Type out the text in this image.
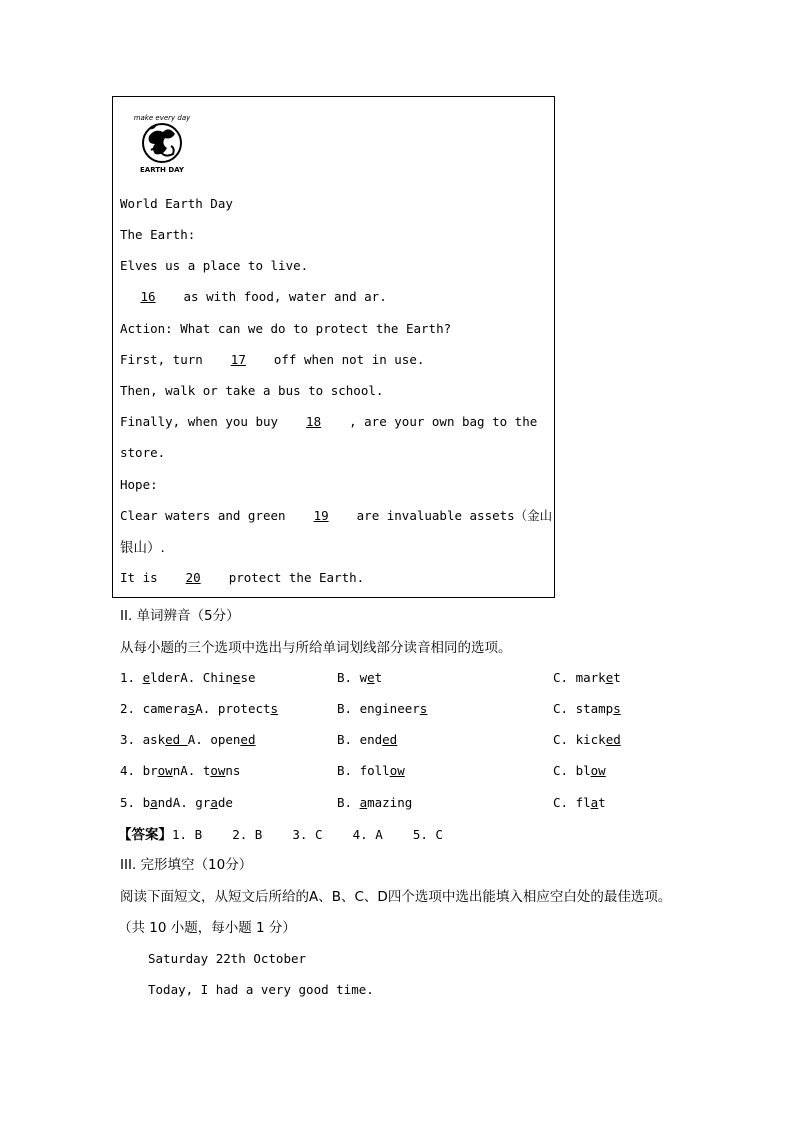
make every day
EARTH DAY
World Earth Day
The Earth:
Elves us a place to live.
16 as with food, water and ar.
Action: What can we do to protect the Earth?
First, turn 17 off when not in use.
Then, walk or take a bus to school.
Finally, when you buy 18 , are your own bag to the
store.
Hope:
Clear waters and green 19 are invaluable assets（金山
银山）.
It is 20 protect the Earth.
II. 单词辨音（5分）
从每小题的三个选项中选出与所给单词划线部分读音相同的选项。
1. elderA. Chinese	B. wet	C. market
2. camerasA. protects	B. engineers	C. stamps
3. asked A. opened	B. ended	C. kicked
4. brownA. towns	B. follow	C. blow
5. bandA. grade	B. amazing	C. flat
【答案】1. B    2. B    3. C    4. A    5. C
III. 完形填空（10分）
阅读下面短文，从短文后所给的A、B、C、D四个选项中选出能填入相应空白处的最佳选项。
（共 10 小题，每小题 1 分）
Saturday 22th October
Today, I had a very good time.
